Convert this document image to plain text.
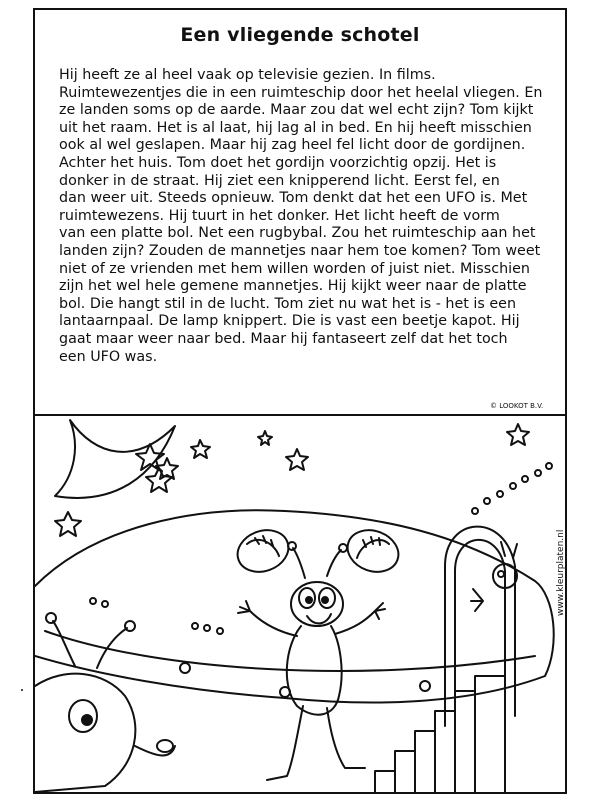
Een vliegende schotel
Hij heeft ze al heel vaak op televisie gezien. In films.
Ruimtewezentjes die in een ruimteschip door het heelal vliegen. En
ze landen soms op de aarde. Maar zou dat wel echt zijn? Tom kijkt
uit het raam. Het is al laat, hij lag al in bed. En hij heeft misschien
ook al wel geslapen. Maar hij zag heel fel licht door de gordijnen.
Achter het huis. Tom doet het gordijn voorzichtig opzij. Het is
donker in de straat. Hij ziet een knipperend licht. Eerst fel, en
dan weer uit. Steeds opnieuw. Tom denkt dat het een UFO is. Met
ruimtewezens. Hij tuurt in het donker. Het licht heeft de vorm
van een platte bol. Net een rugbybal. Zou het ruimteschip aan het
landen zijn? Zouden de mannetjes naar hem toe komen? Tom weet
niet of ze vrienden met hem willen worden of juist niet. Misschien
zijn het wel hele gemene mannetjes. Hij kijkt weer naar de platte
bol. Die hangt stil in de lucht. Tom ziet nu wat het is - het is een
lantaarnpaal. De lamp knippert. Die is vast een beetje kapot. Hij
gaat maar weer naar bed. Maar hij fantaseert zelf dat het toch
een UFO was.
© LOOKOT B.V.
www.kleurplaten.nl
